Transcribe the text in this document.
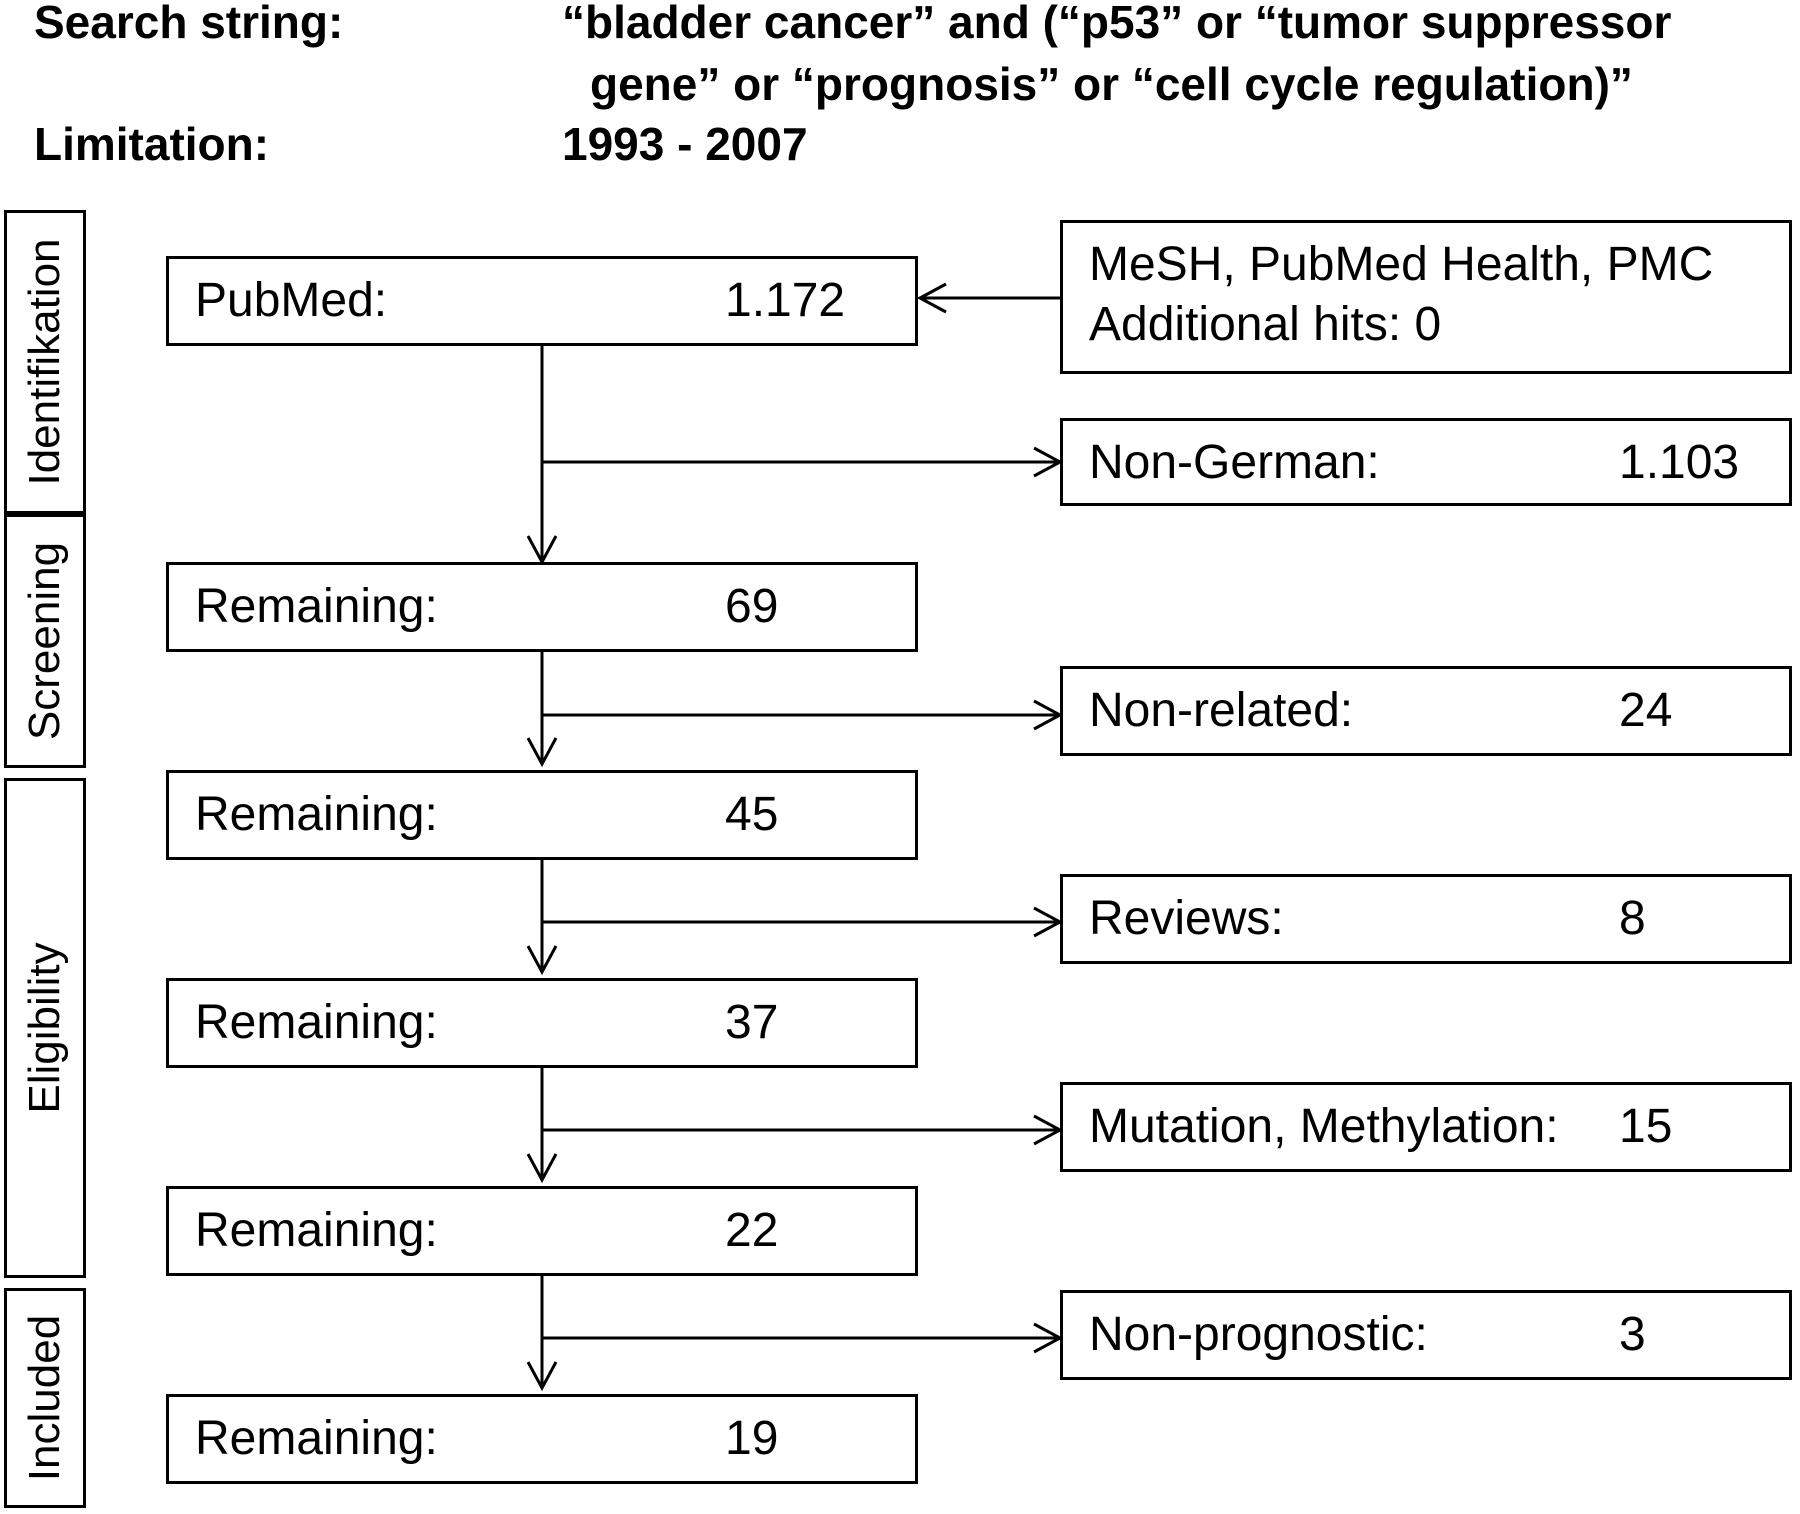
Search string:	“bladder cancer” and (“p53” or “tumor suppressor
gene” or “prognosis” or “cell cycle regulation)”
Limitation:	1993 - 2007
Identifikation
Screening
Eligibility
Included
PubMed:	1.172
Remaining:	69
Remaining:	45
Remaining:	37
Remaining:	22
Remaining:	19
MeSH, PubMed Health, PMC
Additional hits: 0
Non-German:	1.103
Non-related:	24
Reviews:	8
Mutation, Methylation: 15
Non-prognostic:	3
